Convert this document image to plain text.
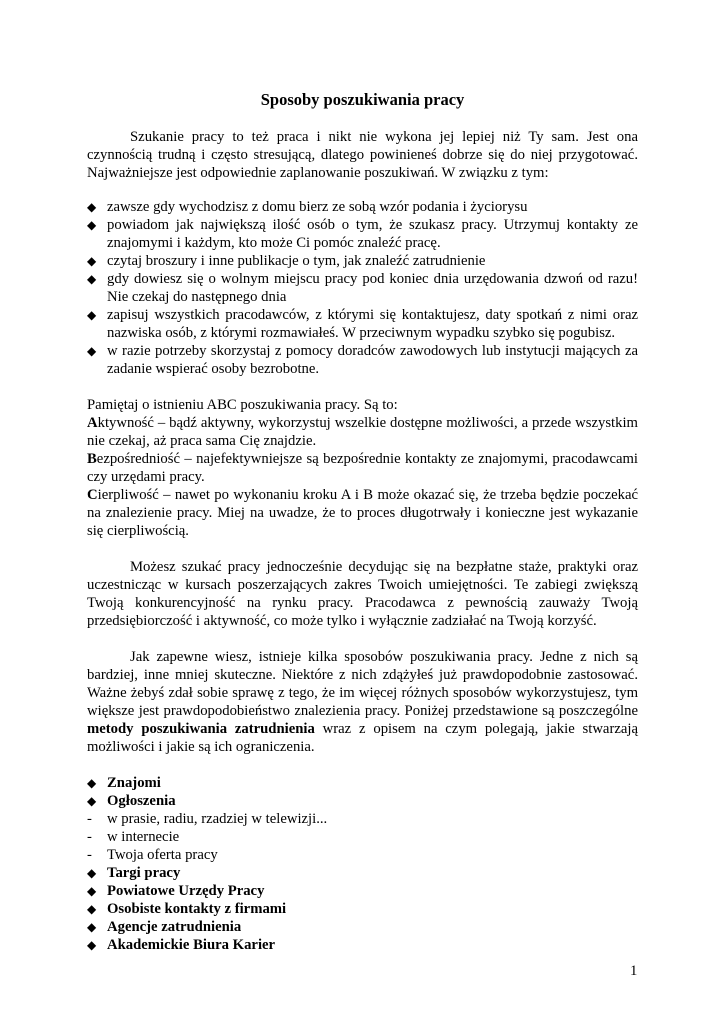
Sposoby poszukiwania pracy

Szukanie pracy to też praca i nikt nie wykona jej lepiej niż Ty sam. Jest ona czynnością trudną i często stresującą, dlatego powinieneś dobrze się do niej przygotować. Najważniejsze jest odpowiednie zaplanowanie poszukiwań. W związku z tym:

◆ zawsze gdy wychodzisz z domu bierz ze sobą wzór podania i życiorysu
◆ powiadom jak największą ilość osób o tym, że szukasz pracy. Utrzymuj kontakty ze znajomymi i każdym, kto może Ci pomóc znaleźć pracę.
◆ czytaj broszury i inne publikacje o tym, jak znaleźć zatrudnienie
◆ gdy dowiesz się o wolnym miejscu pracy pod koniec dnia urzędowania dzwoń od razu! Nie czekaj do następnego dnia
◆ zapisuj wszystkich pracodawców, z którymi się kontaktujesz, daty spotkań z nimi oraz nazwiska osób, z którymi rozmawiałeś. W przeciwnym wypadku szybko się pogubisz.
◆ w razie potrzeby skorzystaj z pomocy doradców zawodowych lub instytucji mających za zadanie wspierać osoby bezrobotne.

Pamiętaj o istnieniu ABC poszukiwania pracy. Są to:

Aktywność – bądź aktywny, wykorzystuj wszelkie dostępne możliwości, a przede wszystkim nie czekaj, aż praca sama Cię znajdzie.

Bezpośredniość – najefektywniejsze są bezpośrednie kontakty ze znajomymi, pracodawcami czy urzędami pracy.

Cierpliwość – nawet po wykonaniu kroku A i B może okazać się, że trzeba będzie poczekać na znalezienie pracy. Miej na uwadze, że to proces długotrwały i konieczne jest wykazanie się cierpliwością.

Możesz szukać pracy jednocześnie decydując się na bezpłatne staże, praktyki oraz uczestnicząc w kursach poszerzających zakres Twoich umiejętności. Te zabiegi zwiększą Twoją konkurencyjność na rynku pracy. Pracodawca z pewnością zauważy Twoją przedsiębiorczość i aktywność, co może tylko i wyłącznie zadziałać na Twoją korzyść.

Jak zapewne wiesz, istnieje kilka sposobów poszukiwania pracy. Jedne z nich są bardziej, inne mniej skuteczne. Niektóre z nich zdążyłeś już prawdopodobnie zastosować. Ważne żebyś zdał sobie sprawę z tego, że im więcej różnych sposobów wykorzystujesz, tym większe jest prawdopodobieństwo znalezienia pracy. Poniżej przedstawione są poszczególne metody poszukiwania zatrudnienia wraz z opisem na czym polegają, jakie stwarzają możliwości i jakie są ich ograniczenia.

◆ Znajomi
◆ Ogłoszenia
-	w prasie, radiu, rzadziej w telewizji...
-	w internecie
-	Twoja oferta pracy
◆ Targi pracy
◆ Powiatowe Urzędy Pracy
◆ Osobiste kontakty z firmami
◆ Agencje zatrudnienia
◆ Akademickie Biura Karier
1
